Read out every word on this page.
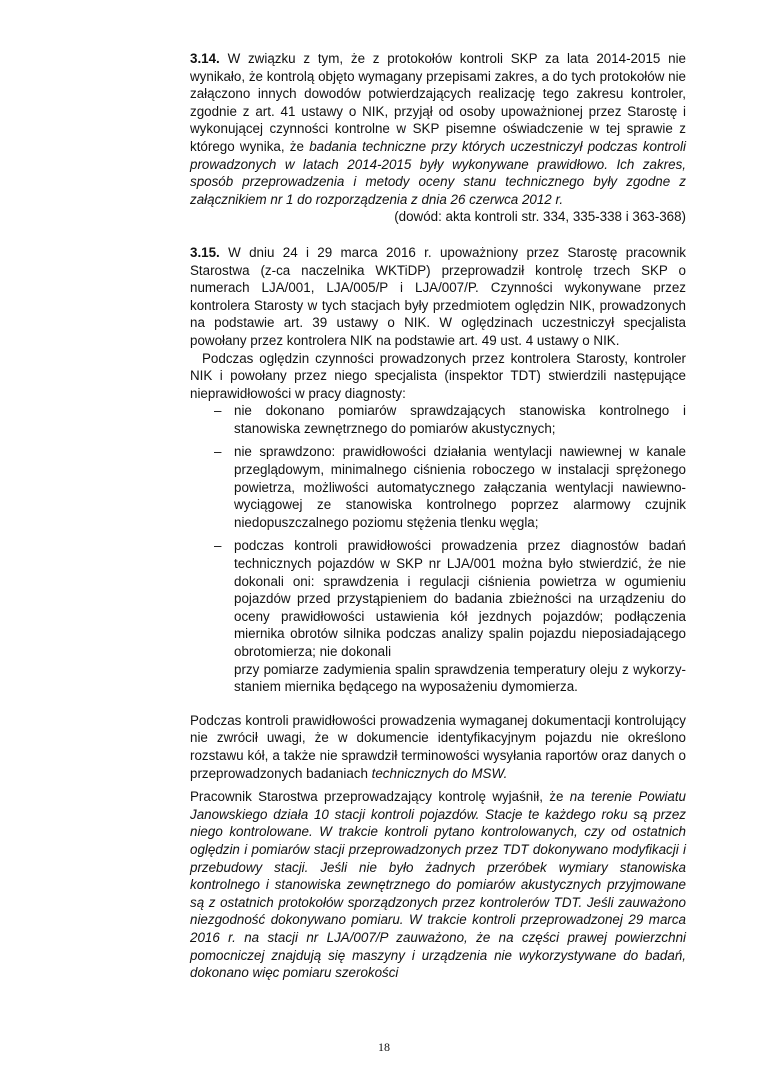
3.14. W związku z tym, że z protokołów kontroli SKP za lata 2014-2015 nie wynikało, że kontrolą objęto wymagany przepisami zakres, a do tych protokołów nie załączono innych dowodów potwierdzających realizację tego zakresu kontroler, zgodnie z art. 41 ustawy o NIK, przyjął od osoby upoważnionej przez Starostę i wykonującej czynności kontrolne w SKP pisemne oświadczenie w tej sprawie z którego wynika, że badania techniczne przy których uczestniczył podczas kontroli prowadzonych w latach 2014-2015 były wykonywane prawidłowo. Ich zakres, sposób przeprowadzenia i metody oceny stanu technicznego były zgodne z załącznikiem nr 1 do rozporządzenia z dnia 26 czerwca 2012 r.

(dowód: akta kontroli str. 334, 335-338 i 363-368)

3.15. W dniu 24 i 29 marca 2016 r. upoważniony przez Starostę pracownik Starostwa (z-ca naczelnika WKTiDP) przeprowadził kontrolę trzech SKP o numerach LJA/001, LJA/005/P i LJA/007/P. Czynności wykonywane przez kontrolera Starosty w tych stacjach były przedmiotem oględzin NIK, prowadzonych na podstawie art. 39 ustawy o NIK. W oględzinach uczestniczył specjalista powołany przez kontrolera NIK na podstawie art. 49 ust. 4 ustawy o NIK.

Podczas oględzin czynności prowadzonych przez kontrolera Starosty, kontroler NIK i powołany przez niego specjalista (inspektor TDT) stwierdzili następujące nieprawidłowości w pracy diagnosty:

– nie dokonano pomiarów sprawdzających stanowiska kontrolnego i stanowiska zewnętrznego do pomiarów akustycznych;
– nie sprawdzono: prawidłowości działania wentylacji nawiewnej w kanale przeglądowym, minimalnego ciśnienia roboczego w instalacji sprężonego powietrza, możliwości automatycznego załączania wentylacji nawiewno-wyciągowej ze stanowiska kontrolnego poprzez alarmowy czujnik niedopuszczalnego poziomu stężenia tlenku węgla;
– podczas kontroli prawidłowości prowadzenia przez diagnostów badań technicznych pojazdów w SKP nr LJA/001 można było stwierdzić, że nie dokonali oni: sprawdzenia i regulacji ciśnienia powietrza w ogumieniu pojazdów przed przystąpieniem do badania zbieżności na urządzeniu do oceny prawidłowości ustawienia kół jezdnych pojazdów; podłączenia miernika obrotów silnika podczas analizy spalin pojazdu nieposiadającego obrotomierza; nie dokonali
przy pomiarze zadymienia spalin sprawdzenia temperatury oleju z wykorzy-staniem miernika będącego na wyposażeniu dymomierza.

Podczas kontroli prawidłowości prowadzenia wymaganej dokumentacji kontrolujący nie zwrócił uwagi, że w dokumencie identyfikacyjnym pojazdu nie określono rozstawu kół, a także nie sprawdził terminowości wysyłania raportów oraz danych o przeprowadzonych badaniach technicznych do MSW.

Pracownik Starostwa przeprowadzający kontrolę wyjaśnił, że na terenie Powiatu Janowskiego działa 10 stacji kontroli pojazdów. Stacje te każdego roku są przez niego kontrolowane. W trakcie kontroli pytano kontrolowanych, czy od ostatnich oględzin i pomiarów stacji przeprowadzonych przez TDT dokonywano modyfikacji i przebudowy stacji. Jeśli nie było żadnych przeróbek wymiary stanowiska kontrolnego i stanowiska zewnętrznego do pomiarów akustycznych przyjmowane są z ostatnich protokołów sporządzonych przez kontrolerów TDT. Jeśli zauważono niezgodność dokonywano pomiaru. W trakcie kontroli przeprowadzonej 29 marca 2016 r. na stacji nr LJA/007/P zauważono, że na części prawej powierzchni pomocniczej znajdują się maszyny i urządzenia nie wykorzystywane do badań, dokonano więc pomiaru szerokości

18
